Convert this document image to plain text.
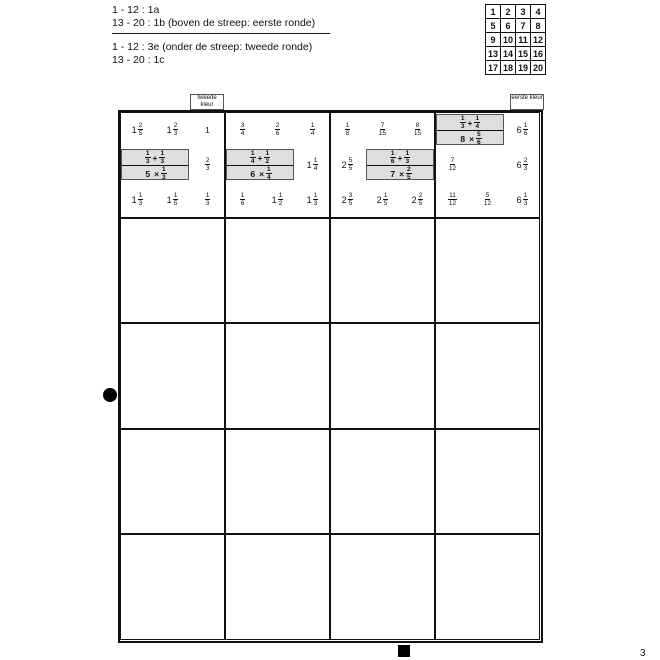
1 - 12 : 1a
13 - 20 : 1b (boven de streep: eerste ronde)
1 - 12 : 3e (onder de streep: tweede ronde)
13 - 20 : 1c
1	2	3	4
5	6	7	8
9	10	11	12
13	14	15	16
17	18	19	20
tweede kleur
eerste kleur
3
$1 \frac{2}{5}$	$1 \frac{2}{3}$	1	$\frac{3}{4}$	$\frac{2}{6}$	$\frac{1}{4}$	$\frac{1}{8}$	$\frac{7}{15}$	$\frac{8}{15}$	$6 \frac{1}{6}$
$\frac{2}{3}$	$1 \frac{1}{4}$	$2 \frac{5}{5}$	$\frac{7}{12}$	$6 \frac{2}{3}$
$1 \frac{1}{3}$	$1 \frac{1}{5}$	$\frac{1}{3}$	$\frac{1}{6}$	$1 \frac{1}{2}$	$1 \frac{1}{3}$	$2 \frac{3}{5}$	$2 \frac{1}{5}$	$2 \frac{2}{5}$	$\frac{11}{12}$	$\frac{5}{12}$	$6 \frac{1}{3}$
$\frac{1}{3} + \frac{1}{4}$
$8 \times \frac{5}{6}$
$\frac{1}{3} + \frac{1}{3}$
$5 \times \frac{1}{3}$
$\frac{1}{4} + \frac{1}{2}$
$6 \times \frac{1}{4}$
$\frac{1}{6} + \frac{1}{3}$
$7 \times \frac{2}{5}$
